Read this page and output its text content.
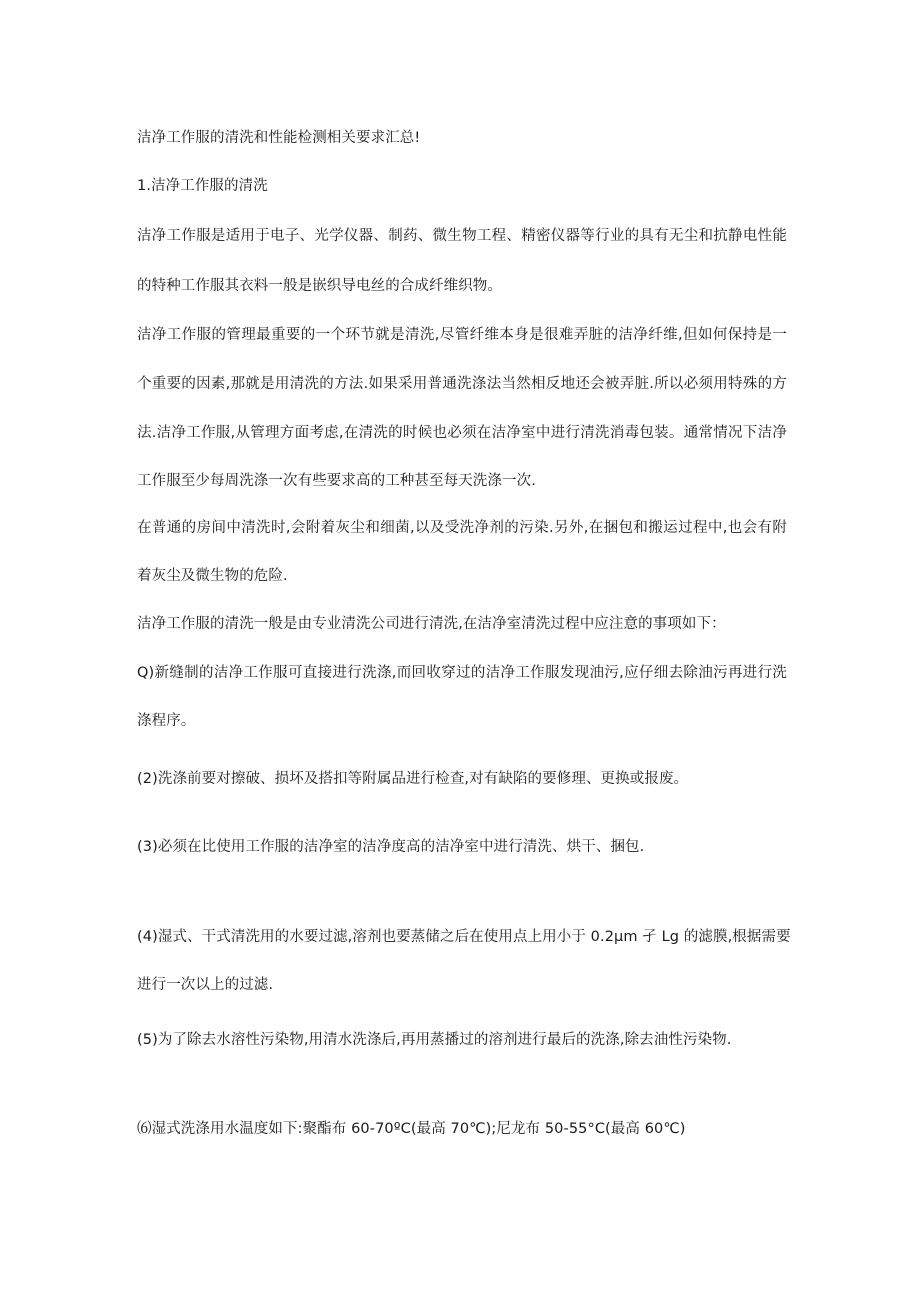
洁净工作服的清洗和性能检测相关要求汇总!

1.洁净工作服的清洗

洁净工作服是适用于电子、光学仪器、制药、微生物工程、精密仪器等行业的具有无尘和抗静电性能

的特种工作服其衣料一般是嵌织导电丝的合成纤维织物。

洁净工作服的管理最重要的一个环节就是清洗,尽管纤维本身是很难弄脏的洁净纤维,但如何保持是一

个重要的因素,那就是用清洗的方法.如果采用普通洗涤法当然相反地还会被弄脏.所以必须用特殊的方

法.洁净工作服,从管理方面考虑,在清洗的时候也必须在洁净室中进行清洗消毒包装。通常情况下洁净

工作服至少每周洗涤一次有些要求高的工种甚至每天洗涤一次.

在普通的房间中清洗时,会附着灰尘和细菌,以及受洗净剂的污染.另外,在捆包和搬运过程中,也会有附

着灰尘及微生物的危险.

洁净工作服的清洗一般是由专业清洗公司进行清洗,在洁净室清洗过程中应注意的事项如下：

Q)新缝制的洁净工作服可直接进行洗涤,而回收穿过的洁净工作服发现油污,应仔细去除油污再进行洗

涤程序。

(2)洗涤前要对擦破、损坏及搭扣等附属品进行检查,对有缺陷的要修理、更换或报废。

(3)必须在比使用工作服的洁净室的洁净度高的洁净室中进行清洗、烘干、捆包.

(4)湿式、干式清洗用的水要过滤,溶剂也要蒸储之后在使用点上用小于 0.2μm 孑 Lg 的滤膜,根据需要

进行一次以上的过滤.

(5)为了除去水溶性污染物,用清水洗涤后,再用蒸播过的溶剂进行最后的洗涤,除去油性污染物.

⑹湿式洗涤用水温度如下:聚酯布 60-70ºC(最高 70℃);尼龙布 50-55°C(最高 60℃)
